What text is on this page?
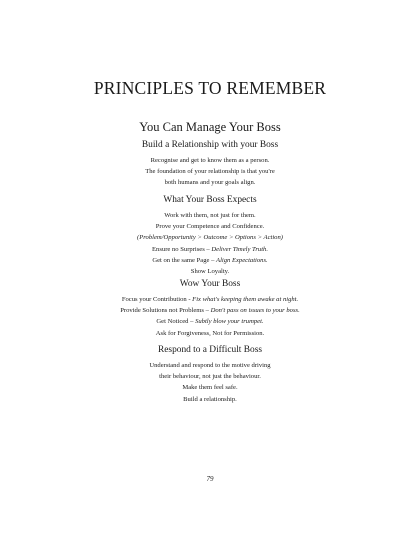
PRINCIPLES TO REMEMBER
You Can Manage Your Boss
Build a Relationship with your Boss

Recognise and get to know them as a person.

The foundation of your relationship is that you're

both humans and your goals align.

What Your Boss Expects

Work with them, not just for them.

Prove your Competence and Confidence.

(Problem/Opportunity > Outcome > Options > Action)

Ensure no Surprises – Deliver Timely Truth.

Get on the same Page – Align Expectations.

Show Loyalty.

Wow Your Boss

Focus your Contribution - Fix what's keeping them awake at night.

Provide Solutions not Problems – Don't pass on issues to your boss.

Get Noticed – Subtly blow your trumpet.

Ask for Forgiveness, Not for Permission.

Respond to a Difficult Boss

Understand and respond to the motive driving

their behaviour, not just the behaviour.

Make them feel safe.

Build a relationship.

79
